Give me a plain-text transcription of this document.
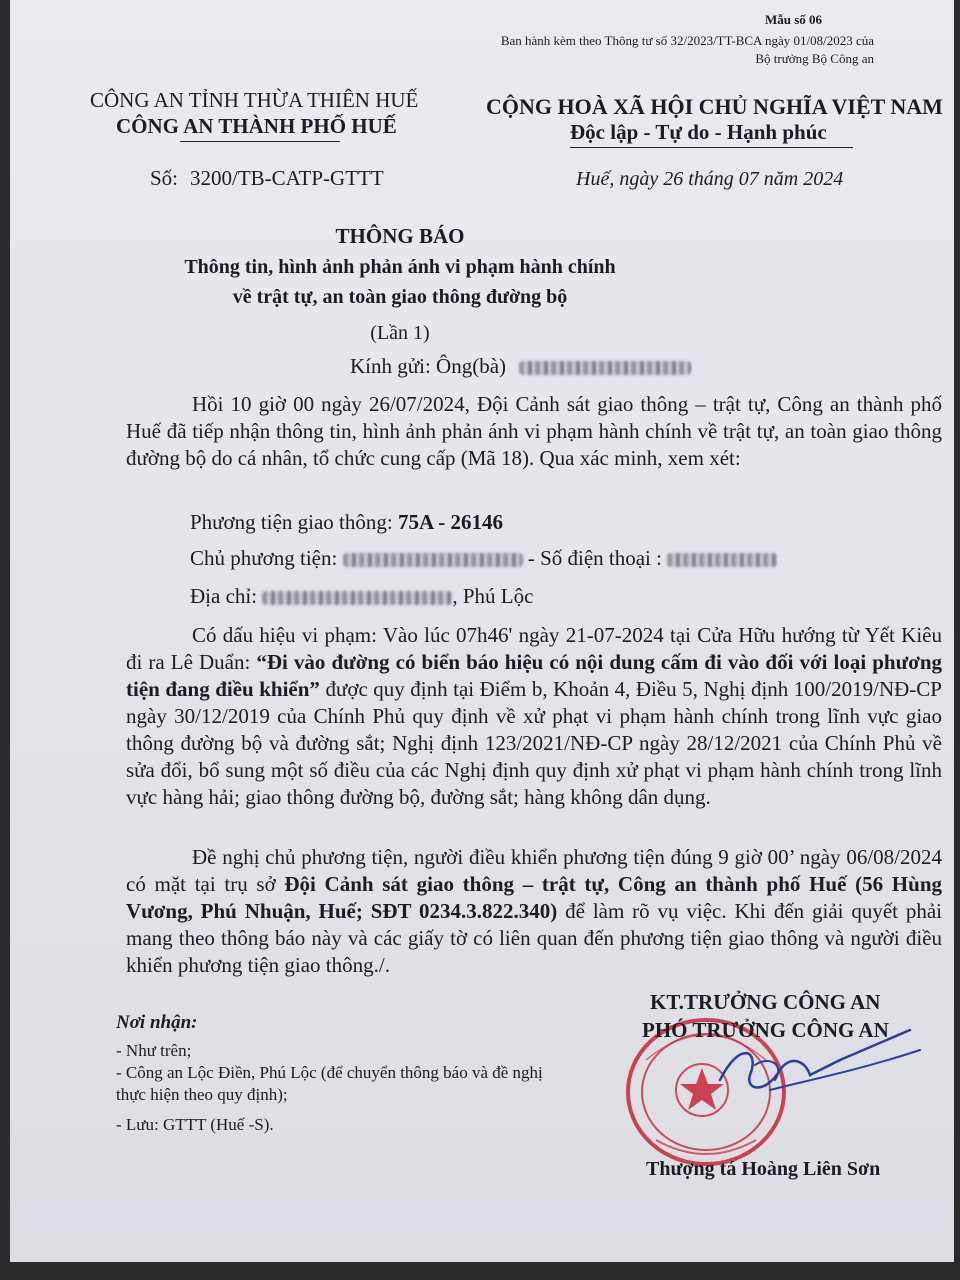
Mẫu số 06
Ban hành kèm theo Thông tư số 32/2023/TT-BCA ngày 01/08/2023 của Bộ trưởng Bộ Công an
CÔNG AN TỈNH THỪA THIÊN HUẾ
CÔNG AN THÀNH PHỐ HUẾ
CỘNG HOÀ XÃ HỘI CHỦ NGHĨA VIỆT NAM
Độc lập - Tự do - Hạnh phúc
Số: 3200/TB-CATP-GTTT	Huế, ngày 26 tháng 07 năm 2024
THÔNG BÁO
Thông tin, hình ảnh phản ánh vi phạm hành chính
về trật tự, an toàn giao thông đường bộ
(Lần 1)
Kính gửi: Ông(bà)
Hồi 10 giờ 00 ngày 26/07/2024, Đội Cảnh sát giao thông – trật tự, Công an thành phố Huế đã tiếp nhận thông tin, hình ảnh phản ánh vi phạm hành chính về trật tự, an toàn giao thông đường bộ do cá nhân, tổ chức cung cấp (Mã 18). Qua xác minh, xem xét:
Phương tiện giao thông: 75A - 26146
Chủ phương tiện:	- Số điện thoại :
Địa chỉ:	, Phú Lộc
Có dấu hiệu vi phạm: Vào lúc 07h46' ngày 21-07-2024 tại Cửa Hữu hướng từ Yết Kiêu đi ra Lê Duẩn: “Đi vào đường có biển báo hiệu có nội dung cấm đi vào đối với loại phương tiện đang điều khiển” được quy định tại Điểm b, Khoản 4, Điều 5, Nghị định 100/2019/NĐ-CP ngày 30/12/2019 của Chính Phủ quy định về xử phạt vi phạm hành chính trong lĩnh vực giao thông đường bộ và đường sắt; Nghị định 123/2021/NĐ-CP ngày 28/12/2021 của Chính Phủ về sửa đổi, bổ sung một số điều của các Nghị định quy định xử phạt vi phạm hành chính trong lĩnh vực hàng hải; giao thông đường bộ, đường sắt; hàng không dân dụng.
Đề nghị chủ phương tiện, người điều khiển phương tiện đúng 9 giờ 00’ ngày 06/08/2024 có mặt tại trụ sở Đội Cảnh sát giao thông – trật tự, Công an thành phố Huế (56 Hùng Vương, Phú Nhuận, Huế; SĐT 0234.3.822.340) để làm rõ vụ việc. Khi đến giải quyết phải mang theo thông báo này và các giấy tờ có liên quan đến phương tiện giao thông và người điều khiển phương tiện giao thông./.
Nơi nhận:
- Như trên;
- Công an Lộc Điền, Phú Lộc (để chuyển thông báo và đề nghị thực hiện theo quy định);
- Lưu: GTTT (Huế -S).
KT.TRƯỞNG CÔNG AN
PHÓ TRƯỞNG CÔNG AN
Thượng tá Hoàng Liên Sơn
